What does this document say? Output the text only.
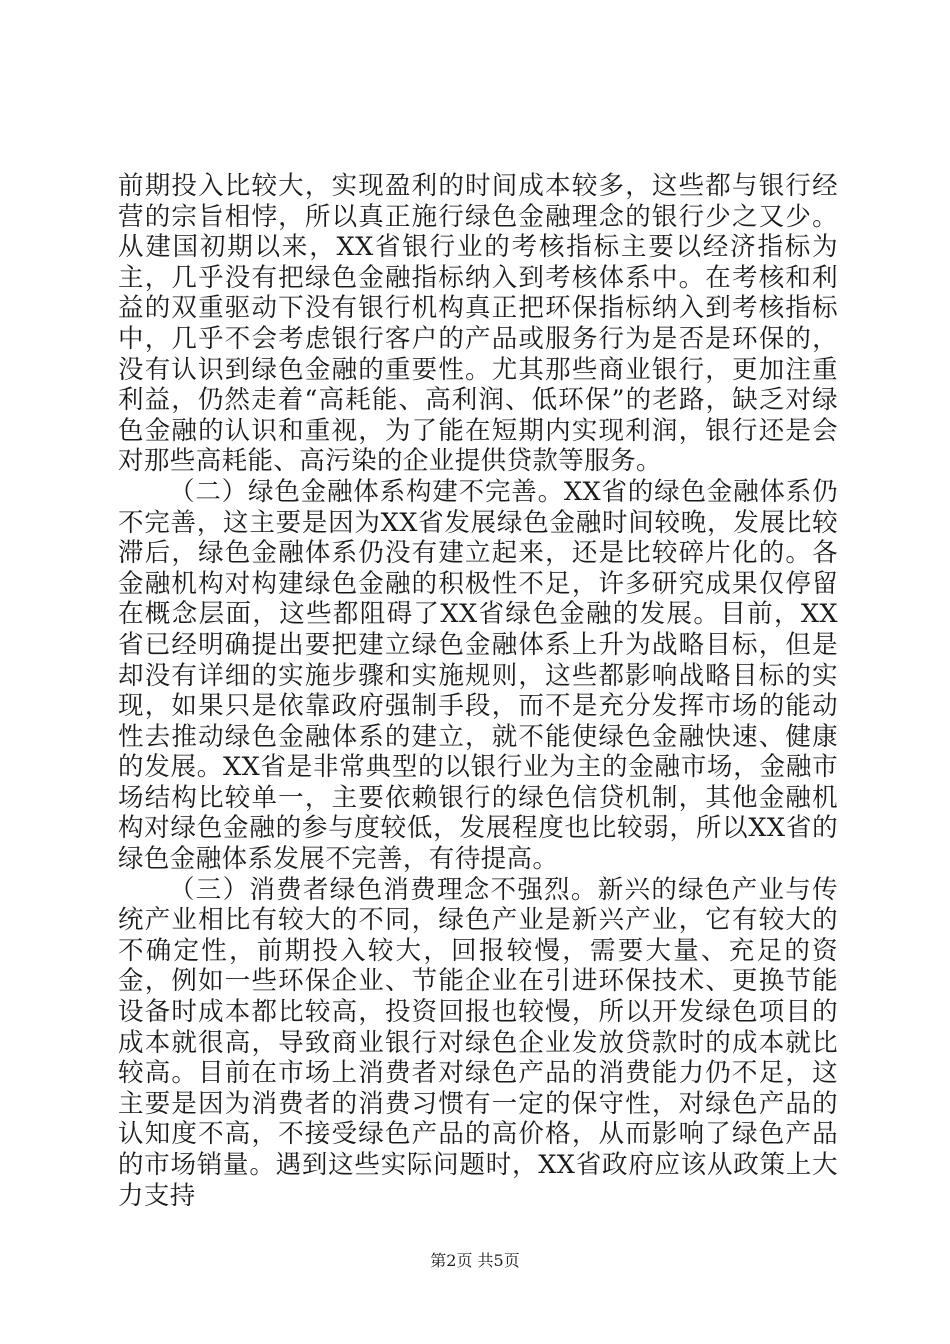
前期投入比较大，实现盈利的时间成本较多，这些都与银行经营的宗旨相悖，所以真正施行绿色金融理念的银行少之又少。从建国初期以来，XX省银行业的考核指标主要以经济指标为主，几乎没有把绿色金融指标纳入到考核体系中。在考核和利益的双重驱动下没有银行机构真正把环保指标纳入到考核指标中，几乎不会考虑银行客户的产品或服务行为是否是环保的，没有认识到绿色金融的重要性。尤其那些商业银行，更加注重利益，仍然走着“高耗能、高利润、低环保”的老路，缺乏对绿色金融的认识和重视，为了能在短期内实现利润，银行还是会对那些高耗能、高污染的企业提供贷款等服务。

（二）绿色金融体系构建不完善。XX省的绿色金融体系仍不完善，这主要是因为XX省发展绿色金融时间较晚，发展比较滞后，绿色金融体系仍没有建立起来，还是比较碎片化的。各金融机构对构建绿色金融的积极性不足，许多研究成果仅停留在概念层面，这些都阻碍了XX省绿色金融的发展。目前，XX省已经明确提出要把建立绿色金融体系上升为战略目标，但是却没有详细的实施步骤和实施规则，这些都影响战略目标的实现，如果只是依靠政府强制手段，而不是充分发挥市场的能动性去推动绿色金融体系的建立，就不能使绿色金融快速、健康的发展。XX省是非常典型的以银行业为主的金融市场，金融市场结构比较单一，主要依赖银行的绿色信贷机制，其他金融机构对绿色金融的参与度较低，发展程度也比较弱，所以XX省的绿色金融体系发展不完善，有待提高。

（三）消费者绿色消费理念不强烈。新兴的绿色产业与传统产业相比有较大的不同，绿色产业是新兴产业，它有较大的不确定性，前期投入较大，回报较慢，需要大量、充足的资金，例如一些环保企业、节能企业在引进环保技术、更换节能设备时成本都比较高，投资回报也较慢，所以开发绿色项目的成本就很高，导致商业银行对绿色企业发放贷款时的成本就比较高。目前在市场上消费者对绿色产品的消费能力仍不足，这主要是因为消费者的消费习惯有一定的保守性，对绿色产品的认知度不高，不接受绿色产品的高价格，从而影响了绿色产品的市场销量。遇到这些实际问题时，XX省政府应该从政策上大力支持

第2页 共5页
